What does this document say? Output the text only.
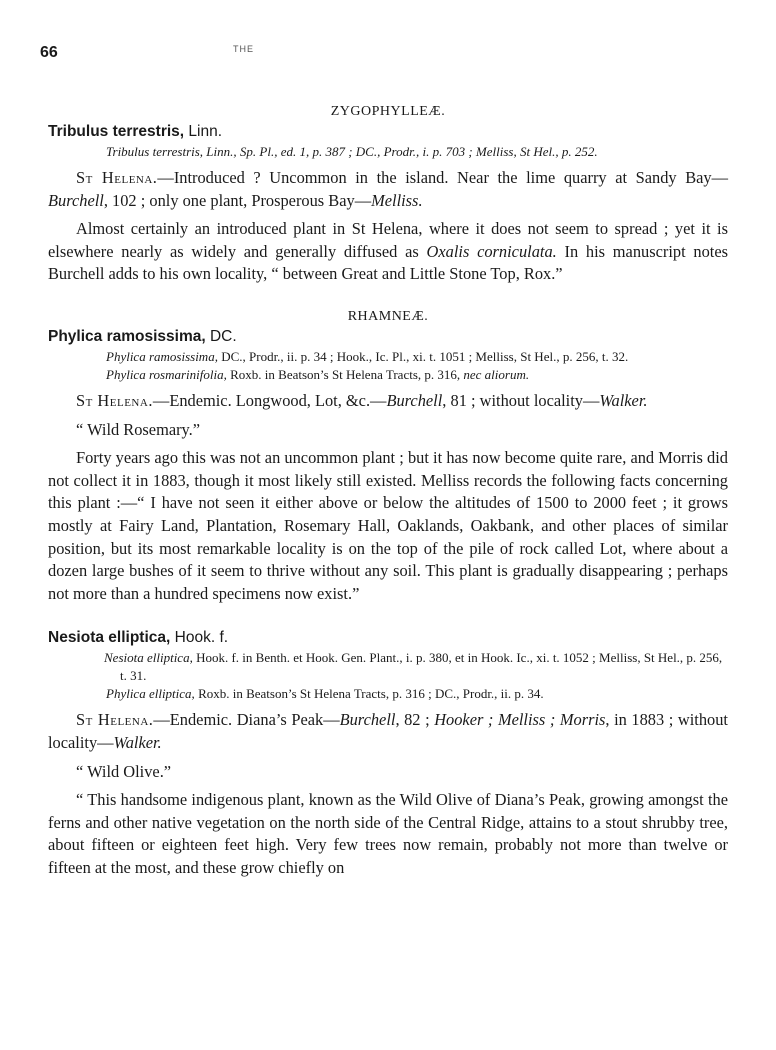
66	THE

ZYGOPHYLLEÆ.

Tribulus terrestris, Linn.

Tribulus terrestris, Linn., Sp. Pl., ed. 1, p. 387 ; DC., Prodr., i. p. 703 ; Melliss, St Hel., p. 252.

St Helena.—Introduced ? Uncommon in the island. Near the lime quarry at Sandy Bay—Burchell, 102 ; only one plant, Prosperous Bay—Melliss.

Almost certainly an introduced plant in St Helena, where it does not seem to spread ; yet it is elsewhere nearly as widely and generally diffused as Oxalis corniculata. In his manuscript notes Burchell adds to his own locality, “ between Great and Little Stone Top, Rox.”

RHAMNEÆ.

Phylica ramosissima, DC.

Phylica ramosissima, DC., Prodr., ii. p. 34 ; Hook., Ic. Pl., xi. t. 1051 ; Melliss, St Hel., p. 256, t. 32.

Phylica rosmarinifolia, Roxb. in Beatson’s St Helena Tracts, p. 316, nec aliorum.

St Helena.—Endemic. Longwood, Lot, &c.—Burchell, 81 ; without locality—Walker.

“ Wild Rosemary.”

Forty years ago this was not an uncommon plant ; but it has now become quite rare, and Morris did not collect it in 1883, though it most likely still existed. Melliss records the following facts concerning this plant :—“ I have not seen it either above or below the altitudes of 1500 to 2000 feet ; it grows mostly at Fairy Land, Plantation, Rosemary Hall, Oaklands, Oakbank, and other places of similar position, but its most remarkable locality is on the top of the pile of rock called Lot, where about a dozen large bushes of it seem to thrive without any soil. This plant is gradually disappearing ; perhaps not more than a hundred specimens now exist.”

Nesiota elliptica, Hook. f.

Nesiota elliptica, Hook. f. in Benth. et Hook. Gen. Plant., i. p. 380, et in Hook. Ic., xi. t. 1052 ; Melliss, St Hel., p. 256, t. 31.

Phylica elliptica, Roxb. in Beatson’s St Helena Tracts, p. 316 ; DC., Prodr., ii. p. 34.

St Helena.—Endemic. Diana’s Peak—Burchell, 82 ; Hooker ; Melliss ; Morris, in 1883 ; without locality—Walker.

“ Wild Olive.”

“ This handsome indigenous plant, known as the Wild Olive of Diana’s Peak, growing amongst the ferns and other native vegetation on the north side of the Central Ridge, attains to a stout shrubby tree, about fifteen or eighteen feet high. Very few trees now remain, probably not more than twelve or fifteen at the most, and these grow chiefly on
